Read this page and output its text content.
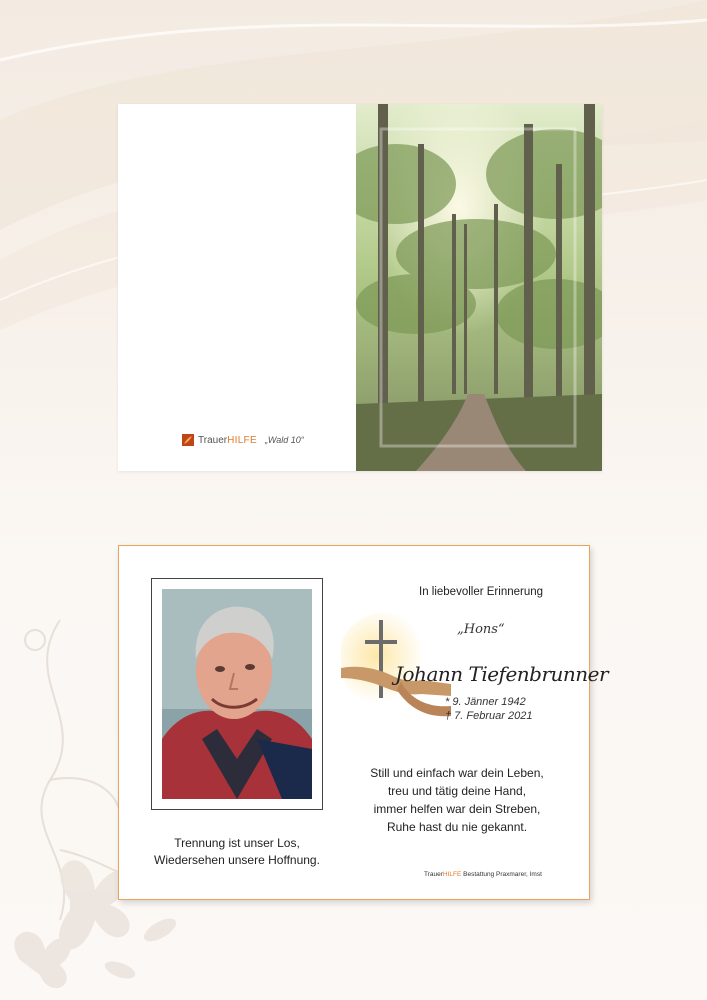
Trauer HILFE „Wald 10“
Trennung ist unser Los,
Wiedersehen unsere Hoffnung.
In liebevoller Erinnerung
„Hons“
Johann Tiefenbrunner
* 9. Jänner 1942
† 7. Februar 2021
Still und einfach war dein Leben,
treu und tätig deine Hand,
immer helfen war dein Streben,
Ruhe hast du nie gekannt.
TrauerHILFE Bestattung Praxmarer, Imst
